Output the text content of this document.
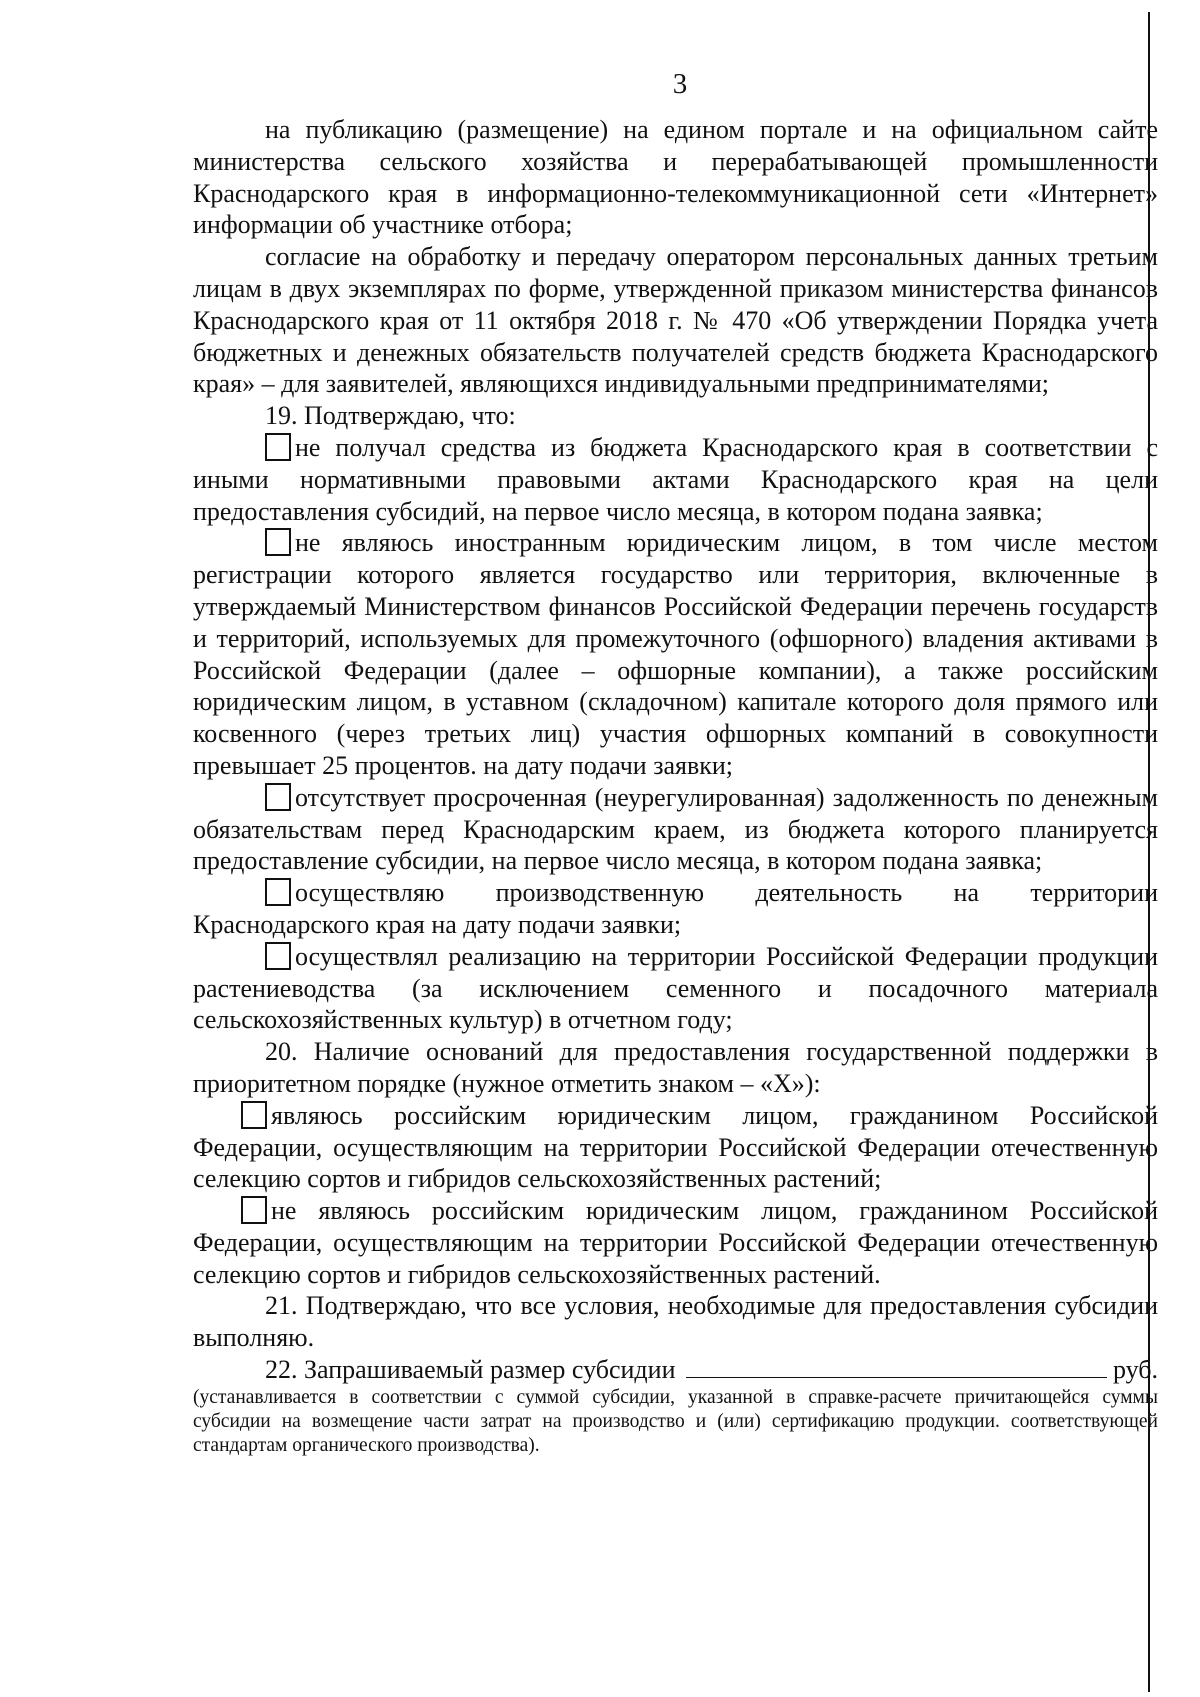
3

на публикацию (размещение) на едином портале и на официальном сайте министерства сельского хозяйства и перерабатывающей промышленности Краснодарского края в информационно-телекоммуникационной сети «Интернет» информации об участнике отбора;

согласие на обработку и передачу оператором персональных данных третьим лицам в двух экземплярах по форме, утвержденной приказом министерства финансов Краснодарского края от 11 октября 2018 г. № 470 «Об утверждении Порядка учета бюджетных и денежных обязательств получателей средств бюджета Краснодарского края» – для заявителей, являющихся индивидуальными предпринимателями;

19. Подтверждаю, что:

не получал средства из бюджета Краснодарского края в соответствии с иными нормативными правовыми актами Краснодарского края на цели предоставления субсидий, на первое число месяца, в котором подана заявка;

не являюсь иностранным юридическим лицом, в том числе местом регистрации которого является государство или территория, включенные в утверждаемый Министерством финансов Российской Федерации перечень государств и территорий, используемых для промежуточного (офшорного) владения активами в Российской Федерации (далее – офшорные компании), а также российским юридическим лицом, в уставном (складочном) капитале которого доля прямого или косвенного (через третьих лиц) участия офшорных компаний в совокупности превышает 25 процентов. на дату подачи заявки;

отсутствует просроченная (неурегулированная) задолженность по денежным обязательствам перед Краснодарским краем, из бюджета которого планируется предоставление субсидии, на первое число месяца, в котором подана заявка;

осуществляю производственную деятельность на территории Краснодарского края на дату подачи заявки;

осуществлял реализацию на территории Российской Федерации продукции растениеводства (за исключением семенного и посадочного материала сельскохозяйственных культур) в отчетном году;

20. Наличие оснований для предоставления государственной поддержки в приоритетном порядке (нужное отметить знаком – «Х»):

являюсь российским юридическим лицом, гражданином Российской Федерации, осуществляющим на территории Российской Федерации отечественную селекцию сортов и гибридов сельскохозяйственных растений;

не являюсь российским юридическим лицом, гражданином Российской Федерации, осуществляющим на территории Российской Федерации отечественную селекцию сортов и гибридов сельскохозяйственных растений.

21. Подтверждаю, что все условия, необходимые для предоставления субсидии выполняю.

22. Запрашиваемый размер субсидии	руб.

(устанавливается в соответствии с суммой субсидии, указанной в справке-расчете причитающейся суммы субсидии на возмещение части затрат на производство и (или) сертификацию продукции. соответствующей стандартам органического производства).
